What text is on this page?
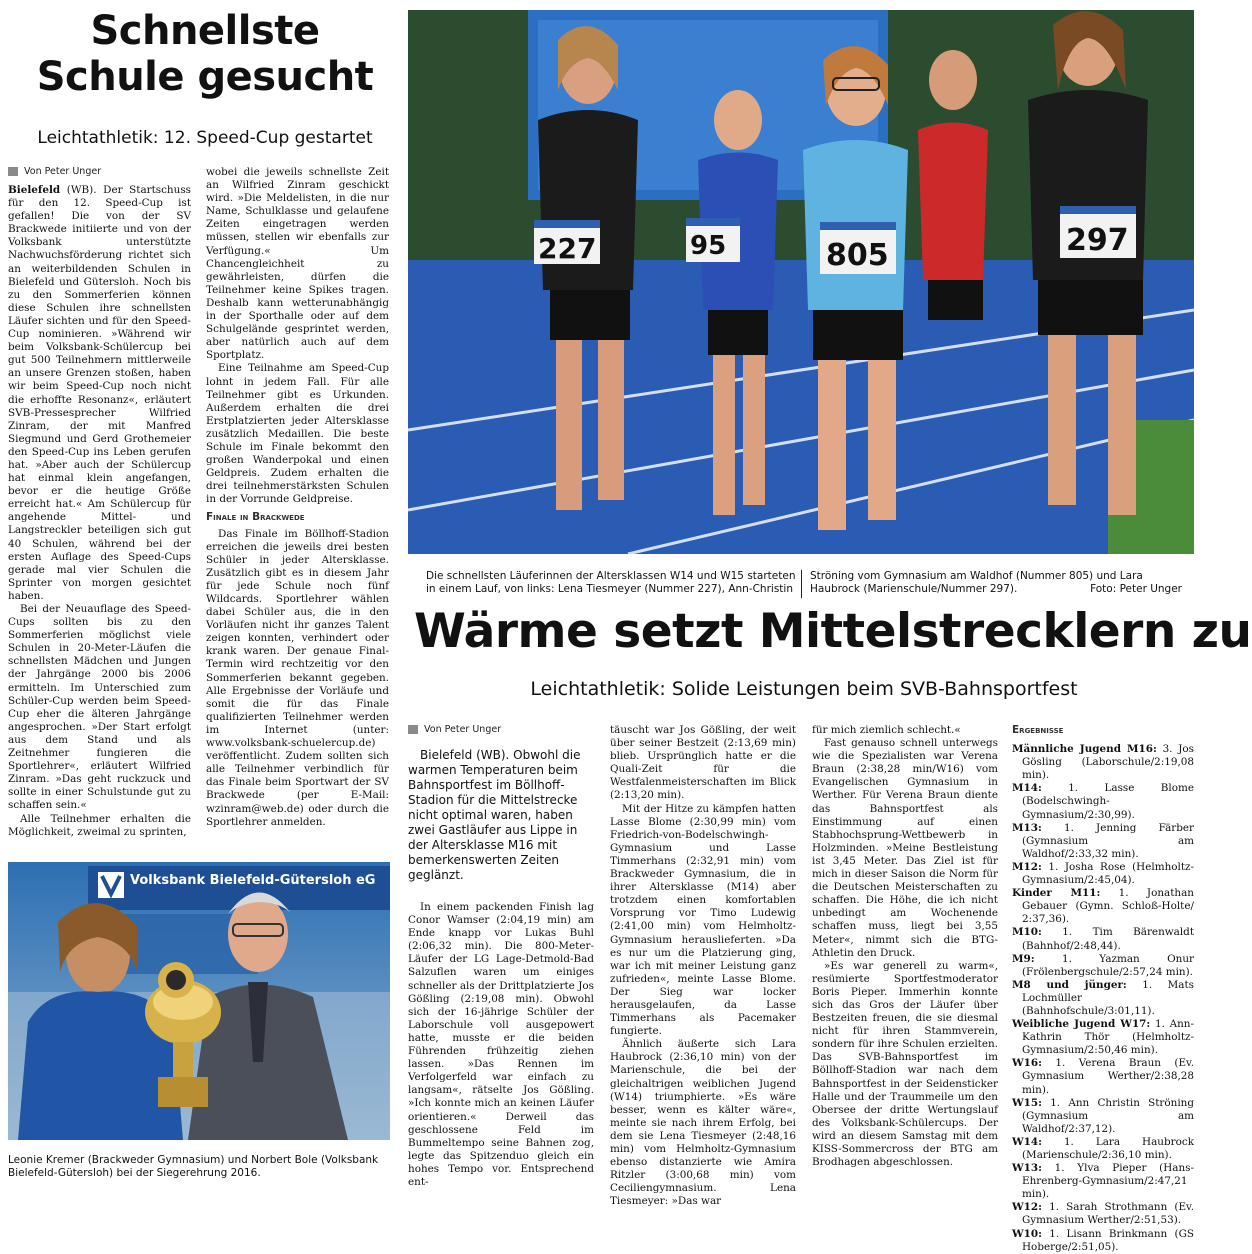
Schnellste
Schule gesucht
Leichtathletik: 12. Speed-Cup gestartet
Von Peter Unger

Bielefeld (WB). Der Startschuss für den 12. Speed-Cup ist gefallen! Die von der SV Brackwede initiierte und von der Volksbank unterstützte Nachwuchsförderung richtet sich an weiterbildenden Schulen in Bielefeld und Gütersloh. Noch bis zu den Sommerferien können diese Schulen ihre schnellsten Läufer sichten und für den Speed-Cup nominieren. »Während wir beim Volksbank-Schülercup bei gut 500 Teilnehmern mittlerweile an unsere Grenzen stoßen, haben wir beim Speed-Cup noch nicht die erhoffte Resonanz«, erläutert SVB-Pressesprecher Wilfried Zinram, der mit Manfred Siegmund und Gerd Grothemeier den Speed-Cup ins Leben gerufen hat. »Aber auch der Schülercup hat einmal klein angefangen, bevor er die heutige Größe erreicht hat.« Am Schülercup für angehende Mittel- und Langstreckler beteiligen sich gut 40 Schulen, während bei der ersten Auflage des Speed-Cups gerade mal vier Schulen die Sprinter von morgen gesichtet haben.

Bei der Neuauflage des Speed-Cups sollten bis zu den Sommerferien möglichst viele Schulen in 20-Meter-Läufen die schnellsten Mädchen und Jungen der Jahrgänge 2000 bis 2006 ermitteln. Im Unterschied zum Schüler-Cup werden beim Speed-Cup eher die älteren Jahrgänge angesprochen. »Der Start erfolgt aus dem Stand und als Zeitnehmer fungieren die Sportlehrer«, erläutert Wilfried Zinram. »Das geht ruckzuck und sollte in einer Schulstunde gut zu schaffen sein.«

Alle Teilnehmer erhalten die Möglichkeit, zweimal zu sprinten,

wobei die jeweils schnellste Zeit an Wilfried Zinram geschickt wird. »Die Meldelisten, in die nur Name, Schulklasse und gelaufene Zeiten eingetragen werden müssen, stellen wir ebenfalls zur Verfügung.« Um Chancengleichheit zu gewährleisten, dürfen die Teilnehmer keine Spikes tragen. Deshalb kann wetterunabhängig in der Sporthalle oder auf dem Schulgelände gesprintet werden, aber natürlich auch auf dem Sportplatz.

Eine Teilnahme am Speed-Cup lohnt in jedem Fall. Für alle Teilnehmer gibt es Urkunden. Außerdem erhalten die drei Erstplatzierten jeder Altersklasse zusätzlich Medaillen. Die beste Schule im Finale bekommt den großen Wanderpokal und einen Geldpreis. Zudem erhalten die drei teilnehmerstärksten Schulen in der Vorrunde Geldpreise.

Finale in Brackwede

Das Finale im Böllhoff-Stadion erreichen die jeweils drei besten Schüler in jeder Altersklasse. Zusätzlich gibt es in diesem Jahr für jede Schule noch fünf Wildcards. Sportlehrer wählen dabei Schüler aus, die in den Vorläufen nicht ihr ganzes Talent zeigen konnten, verhindert oder krank waren. Der genaue Final-Termin wird rechtzeitig vor den Sommerferien bekannt gegeben. Alle Ergebnisse der Vorläufe und somit die für das Finale qualifizierten Teilnehmer werden im Internet (unter: www.volksbank-schuelercup.de) veröffentlicht. Zudem sollten sich alle Teilnehmer verbindlich für das Finale beim Sportwart der SV Brackwede (per E-Mail: wzinram@web.de) oder durch die Sportlehrer anmelden.

Volksbank Bielefeld-Gütersloh eG
Leonie Kremer (Brackweder Gymnasium) und Norbert Bole (Volksbank Bielefeld-Gütersloh) bei der Siegerehrung 2016.
227	95	805	297
Die schnellsten Läuferinnen der Altersklassen W14 und W15 starteten in einem Lauf, von links: Lena Tiesmeyer (Nummer 227), Ann-Christin
Ströning vom Gymnasium am Waldhof (Nummer 805) und Lara Haubrock (Marienschule/Nummer 297).	Foto: Peter Unger
Wärme setzt Mittelstrecklern zu
Leichtathletik: Solide Leistungen beim SVB-Bahnsportfest
Von Peter Unger
Bielefeld (WB). Obwohl die warmen Temperaturen beim Bahnsportfest im Böllhoff-Stadion für die Mittelstrecke nicht optimal waren, haben zwei Gastläufer aus Lippe in der Altersklasse M16 mit bemerkenswerten Zeiten geglänzt.

In einem packenden Finish lag Conor Wamser (2:04,19 min) am Ende knapp vor Lukas Buhl (2:06,32 min). Die 800-Meter-Läufer der LG Lage-Detmold-Bad Salzuflen waren um einiges schneller als der Drittplatzierte Jos Gößling (2:19,08 min). Obwohl sich der 16-jährige Schüler der Laborschule voll ausgepowert hatte, musste er die beiden Führenden frühzeitig ziehen lassen. »Das Rennen im Verfolgerfeld war einfach zu langsam«, rätselte Jos Gößling. »Ich konnte mich an keinen Läufer orientieren.« Derweil das geschlossene Feld im Bummeltempo seine Bahnen zog, legte das Spitzenduo gleich ein hohes Tempo vor. Entsprechend ent-

täuscht war Jos Gößling, der weit über seiner Bestzeit (2:13,69 min) blieb. Ursprünglich hatte er die Quali-Zeit für die Westfalenmeisterschaften im Blick (2:13,20 min).

Mit der Hitze zu kämpfen hatten Lasse Blome (2:30,99 min) vom Friedrich-von-Bodelschwingh-Gymnasium und Lasse Timmerhans (2:32,91 min) vom Brackweder Gymnasium, die in ihrer Altersklasse (M14) aber trotzdem einen komfortablen Vorsprung vor Timo Ludewig (2:41,00 min) vom Helmholtz-Gymnasium herauslieferten. »Da es nur um die Platzierung ging, war ich mit meiner Leistung ganz zufrieden«, meinte Lasse Blome. Der Sieg war locker herausgelaufen, da Lasse Timmerhans als Pacemaker fungierte.

Ähnlich äußerte sich Lara Haubrock (2:36,10 min) von der Marienschule, die bei der gleichaltrigen weiblichen Jugend (W14) triumphierte. »Es wäre besser, wenn es kälter wäre«, meinte sie nach ihrem Erfolg, bei dem sie Lena Tiesmeyer (2:48,16 min) vom Helmholtz-Gymnasium ebenso distanzierte wie Amira Ritzler (3:00,68 min) vom Ceciliengymnasium. Lena Tiesmeyer: »Das war

für mich ziemlich schlecht.«

Fast genauso schnell unterwegs wie die Spezialisten war Verena Braun (2:38,28 min/W16) vom Evangelischen Gymnasium in Werther. Für Verena Braun diente das Bahnsportfest als Einstimmung auf einen Stabhochsprung-Wettbewerb in Holzminden. »Meine Bestleistung ist 3,45 Meter. Das Ziel ist für mich in dieser Saison die Norm für die Deutschen Meisterschaften zu schaffen. Die Höhe, die ich nicht unbedingt am Wochenende schaffen muss, liegt bei 3,55 Meter«, nimmt sich die BTG-Athletin den Druck.

»Es war generell zu warm«, resümierte Sportfestmoderator Boris Pieper. Immerhin konnte sich das Gros der Läufer über Bestzeiten freuen, die sie diesmal nicht für ihren Stammverein, sondern für ihre Schulen erzielten. Das SVB-Bahnsportfest im Böllhoff-Stadion war nach dem Bahnsportfest in der Seidensticker Halle und der Traummeile um den Obersee der dritte Wertungslauf des Volksbank-Schülercups. Der wird an diesem Samstag mit dem KISS-Sommercross der BTG am Brodhagen abgeschlossen.

Ergebnisse
Männliche Jugend M16: 3. Jos Gösling (Laborschule/2:19,08 min).
M14: 1. Lasse Blome (Bodelschwingh-Gymnasium/2:30,99).
M13: 1. Jenning Färber (Gymnasium am Waldhof/2:33,32 min).
M12: 1. Josha Rose (Helmholtz-Gymnasium/2:45,04).
Kinder M11: 1. Jonathan Gebauer (Gymn. Schloß-Holte/ 2:37,36).
M10: 1. Tim Bärenwaldt (Bahnhof/2:48,44).
M9: 1. Yazman Onur (Frölenbergschule/2:57,24 min).
M8 und jünger: 1. Mats Lochmüller (Bahnhofschule/3:01,11).
Weibliche Jugend W17: 1. Ann-Kathrin Thör (Helmholtz-Gymnasium/2:50,46 min).
W16: 1. Verena Braun (Ev. Gymnasium Werther/2:38,28 min).
W15: 1. Ann Christin Ströning (Gymnasium am Waldhof/2:37,12).
W14: 1. Lara Haubrock (Marienschule/2:36,10 min).
W13: 1. Ylva Pieper (Hans-Ehrenberg-Gymnasium/2:47,21 min).
W12: 1. Sarah Strothmann (Ev. Gymnasium Werther/2:51,53).
W10: 1. Lisann Brinkmann (GS Hoberge/2:51,05).
